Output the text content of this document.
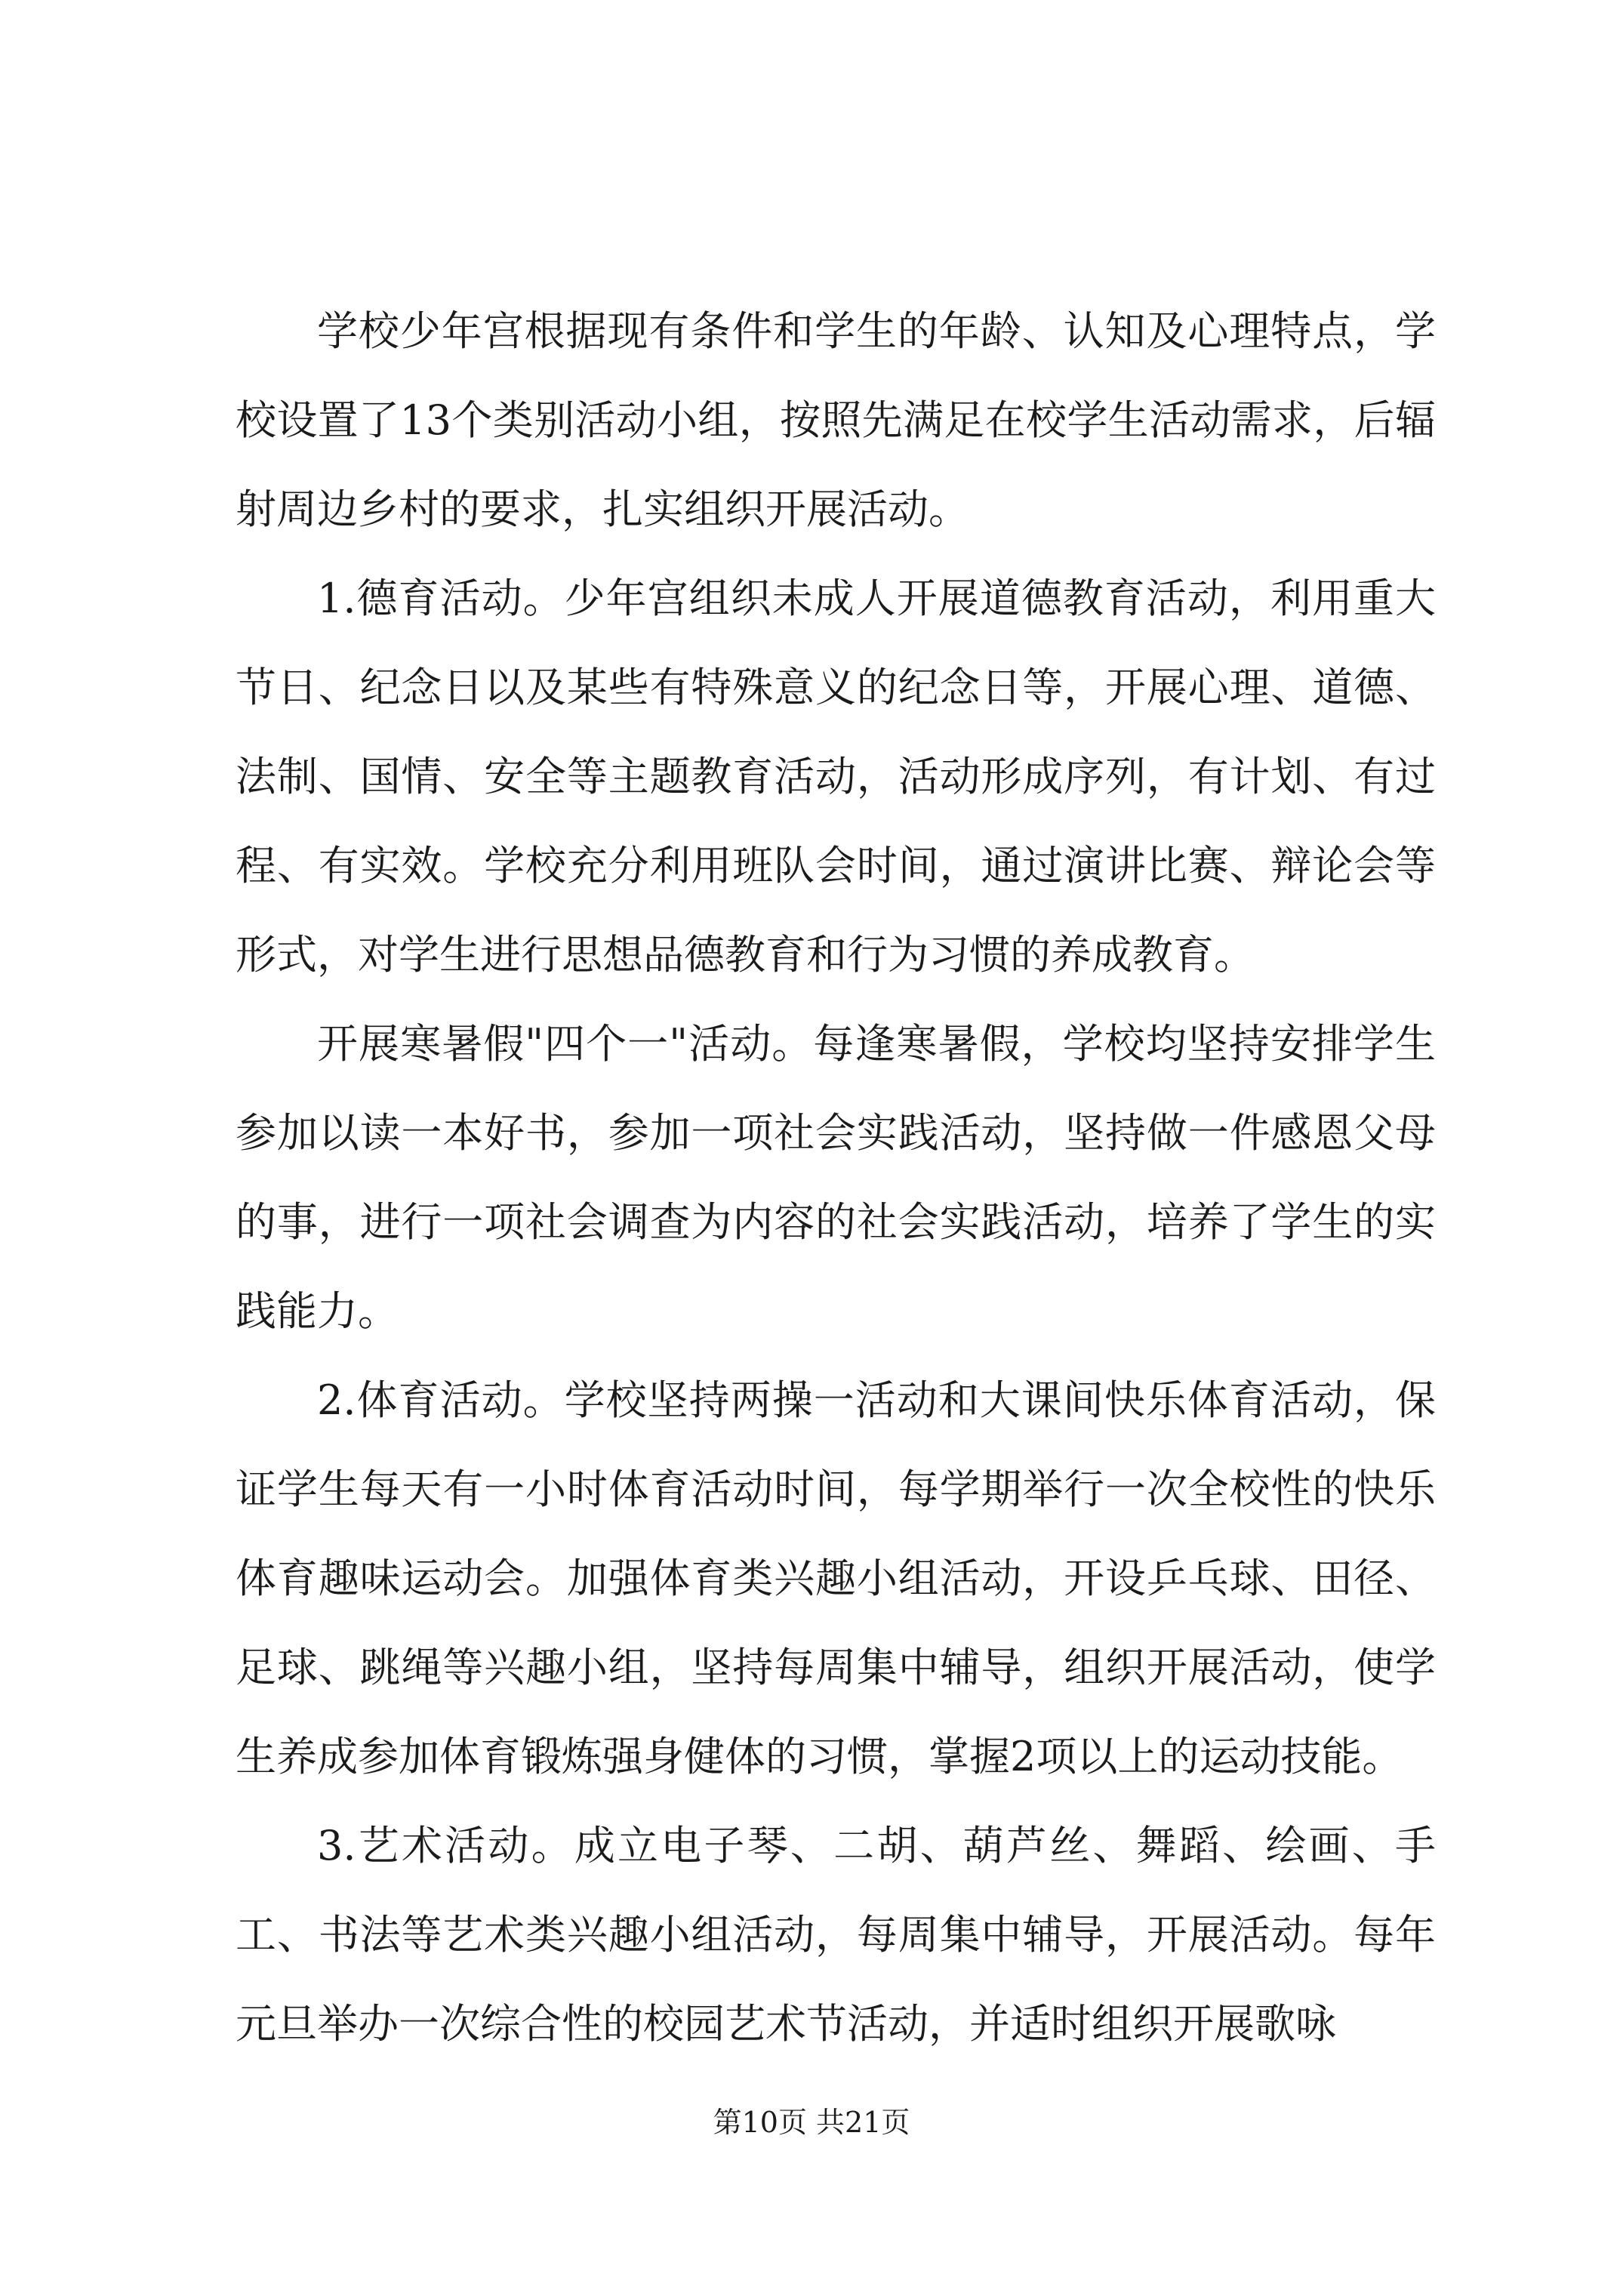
学校少年宫根据现有条件和学生的年龄、认知及心理特点，学校设置了13个类别活动小组，按照先满足在校学生活动需求，后辐射周边乡村的要求，扎实组织开展活动。

1.德育活动。少年宫组织未成人开展道德教育活动，利用重大节日、纪念日以及某些有特殊意义的纪念日等，开展心理、道德、法制、国情、安全等主题教育活动，活动形成序列，有计划、有过程、有实效。学校充分利用班队会时间，通过演讲比赛、辩论会等形式，对学生进行思想品德教育和行为习惯的养成教育。

开展寒暑假"四个一"活动。每逢寒暑假，学校均坚持安排学生参加以读一本好书，参加一项社会实践活动，坚持做一件感恩父母的事，进行一项社会调查为内容的社会实践活动，培养了学生的实践能力。

2.体育活动。学校坚持两操一活动和大课间快乐体育活动，保证学生每天有一小时体育活动时间，每学期举行一次全校性的快乐体育趣味运动会。加强体育类兴趣小组活动，开设乒乓球、田径、足球、跳绳等兴趣小组，坚持每周集中辅导，组织开展活动，使学生养成参加体育锻炼强身健体的习惯，掌握2项以上的运动技能。

3.艺术活动。成立电子琴、二胡、葫芦丝、舞蹈、绘画、手工、书法等艺术类兴趣小组活动，每周集中辅导，开展活动。每年元旦举办一次综合性的校园艺术节活动，并适时组织开展歌咏

第10页 共21页
